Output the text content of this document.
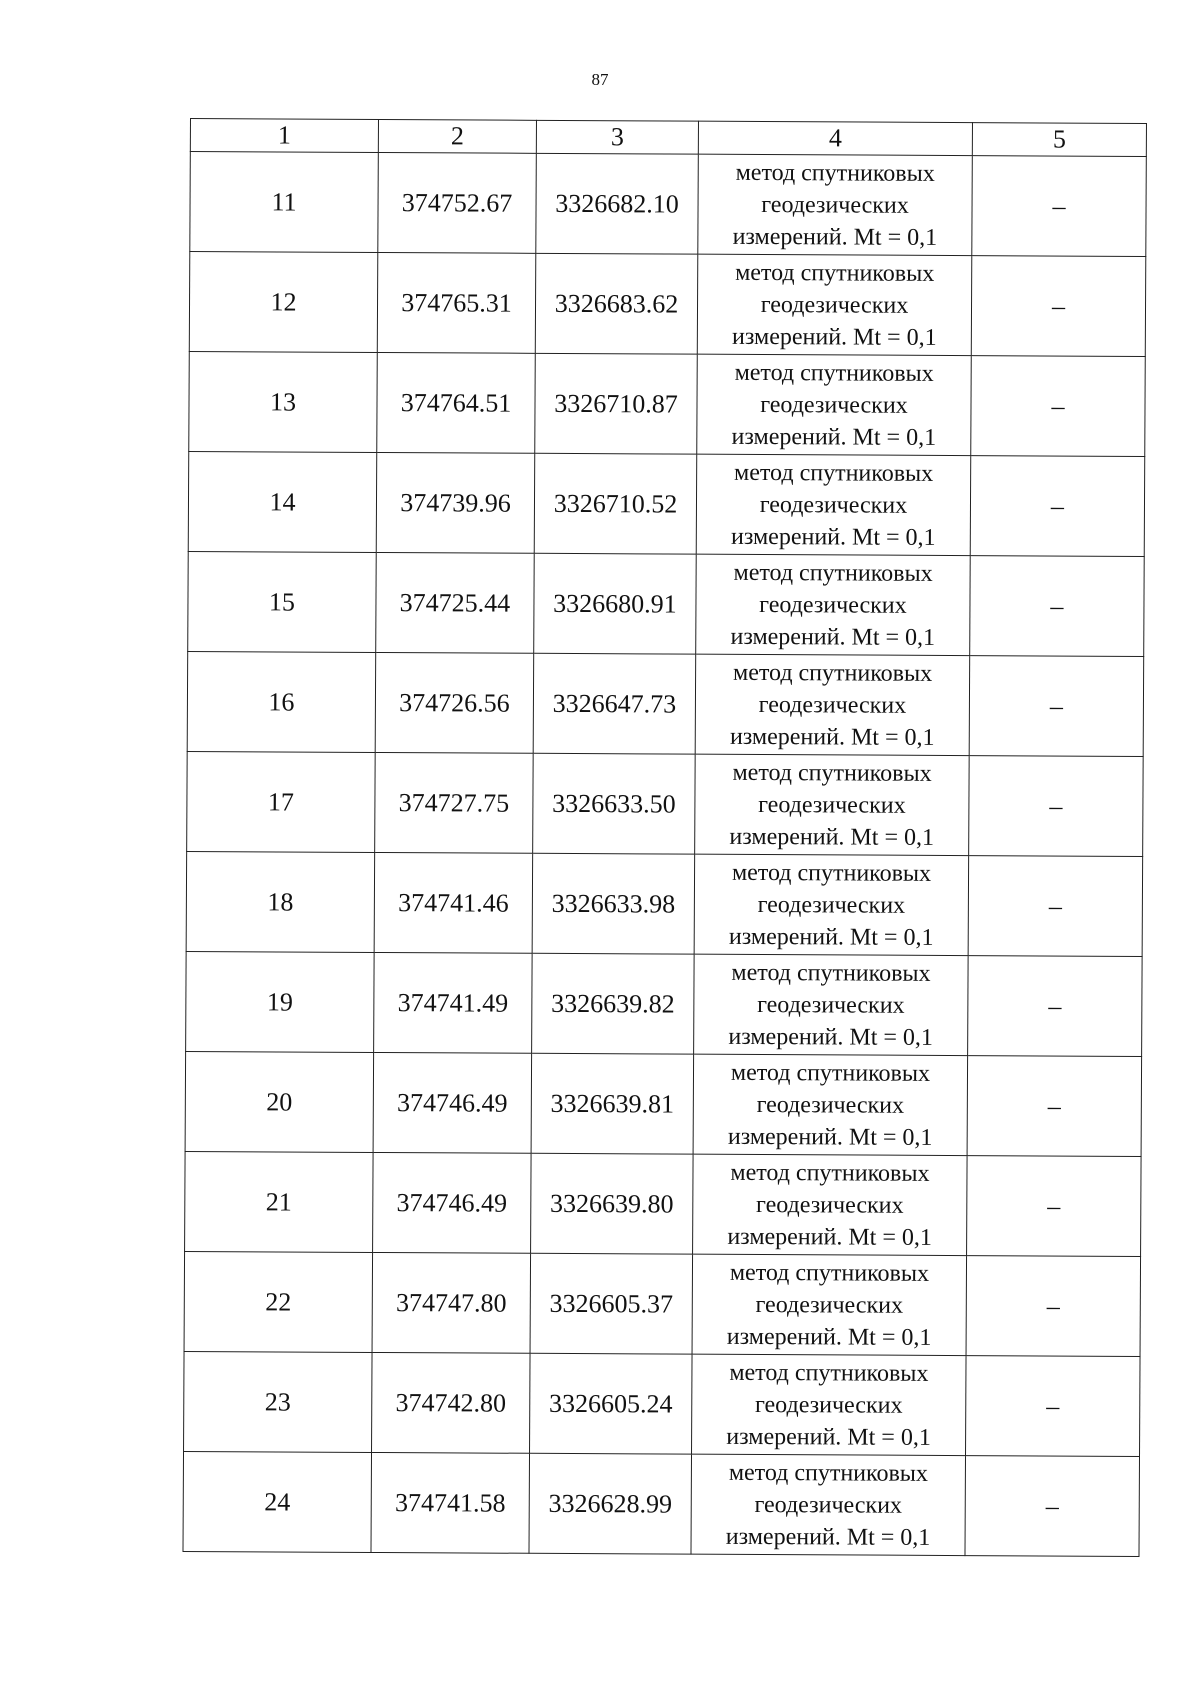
87
1	2	3	4	5
11	374752.67	3326682.10	метод спутниковых
геодезических
измерений. Mt = 0,1	–
12	374765.31	3326683.62	метод спутниковых
геодезических
измерений. Mt = 0,1	–
13	374764.51	3326710.87	метод спутниковых
геодезических
измерений. Mt = 0,1	–
14	374739.96	3326710.52	метод спутниковых
геодезических
измерений. Mt = 0,1	–
15	374725.44	3326680.91	метод спутниковых
геодезических
измерений. Mt = 0,1	–
16	374726.56	3326647.73	метод спутниковых
геодезических
измерений. Mt = 0,1	–
17	374727.75	3326633.50	метод спутниковых
геодезических
измерений. Mt = 0,1	–
18	374741.46	3326633.98	метод спутниковых
геодезических
измерений. Mt = 0,1	–
19	374741.49	3326639.82	метод спутниковых
геодезических
измерений. Mt = 0,1	–
20	374746.49	3326639.81	метод спутниковых
геодезических
измерений. Mt = 0,1	–
21	374746.49	3326639.80	метод спутниковых
геодезических
измерений. Mt = 0,1	–
22	374747.80	3326605.37	метод спутниковых
геодезических
измерений. Mt = 0,1	–
23	374742.80	3326605.24	метод спутниковых
геодезических
измерений. Mt = 0,1	–
24	374741.58	3326628.99	метод спутниковых
геодезических
измерений. Mt = 0,1	–
